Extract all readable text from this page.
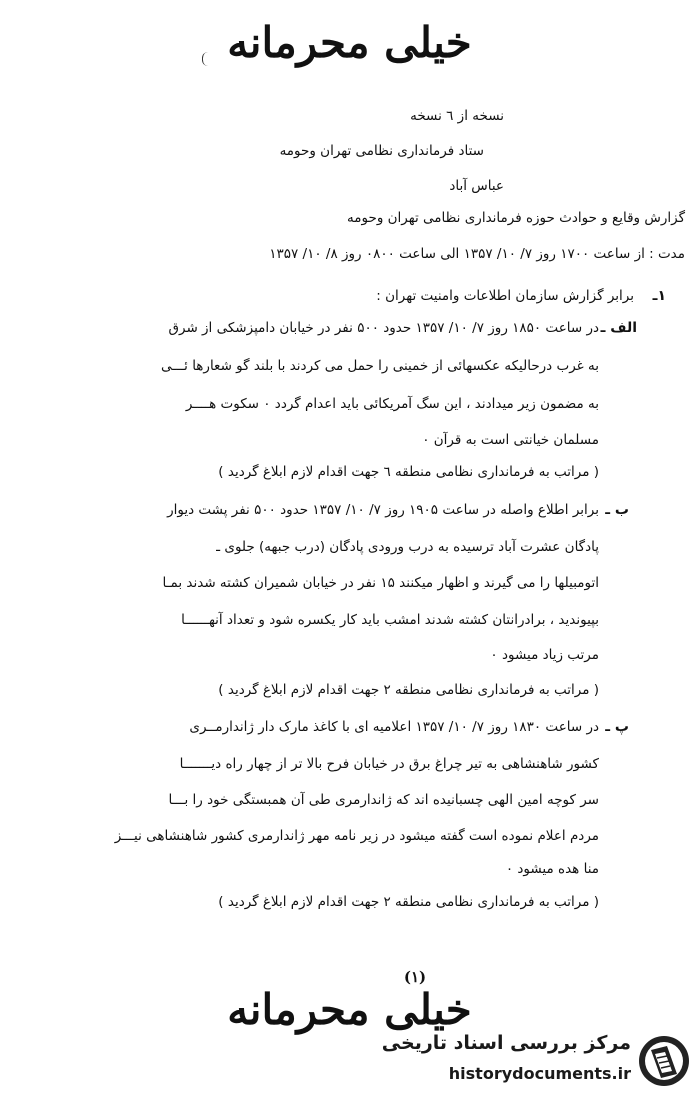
خیلی محرمانه
نسخه از ٦ نسخه
ستاد فرمانداری نظامی تهران وحومه
عباس آباد
گزارش وقایع و حوادث حوزه فرمانداری نظامی تهران وحومه
مدت : از ساعت ۱۷۰۰ روز ۷/ ۱۰/ ۱۳۵۷ الی ساعت ۰۸۰۰ روز ۸/ ۱۰/ ۱۳۵۷
۱ـ
برابر گزارش سازمان اطلاعات وامنیت تهران :
الف ـ
در ساعت ۱۸۵۰ روز ۷/ ۱۰/ ۱۳۵۷ حدود ۵۰۰ نفر در خیابان دامپزشکی از شرق
به غرب درحالیکه عکسهائی از خمینی را حمل می کردند با بلند گو شعارها ئـــی
به مضمون زیر میدادند ، این سگ آمریکائی باید اعدام گردد ۰ سکوت هــــر
مسلمان خیانتی است به قرآن ۰
( مراتب به فرمانداری نظامی منطقه ٦ جهت اقدام لازم ابلاغ گردید )
ب ـ
برابر اطلاع واصله در ساعت ۱۹۰۵ روز ۷/ ۱۰/ ۱۳۵۷ حدود ۵۰۰ نفر پشت دیوار
پادگان عشرت آباد ترسیده به درب ورودی پادگان (درب جبهه) جلوی ـ
اتومبیلها را می گیرند و اظهار میکنند ۱۵ نفر در خیابان شمیران کشته شدند بمـا
بپیوندید ، برادرانتان کشته شدند امشب باید کار یکسره شود و تعداد آنهــــــا
مرتب زیاد میشود ۰
( مراتب به فرمانداری نظامی منطقه ۲ جهت اقدام لازم ابلاغ گردید )
پ ـ
در ساعت ۱۸۳۰ روز ۷/ ۱۰/ ۱۳۵۷ اعلامیه ای با کاغذ مارک دار ژاندارمــری
کشور شاهنشاهی به تیر چراغ برق در خیابان فرح بالا تر از چهار راه دیـــــــا
سر کوچه امین الهی چسبانیده اند که ژاندارمری طی آن همبستگی خود را بـــا
مردم اعلام نموده است گفته میشود در زیر نامه مهر ژاندارمری کشور شاهنشاهی نیـــز
منا هده میشود ۰
( مراتب به فرمانداری نظامی منطقه ۲ جهت اقدام لازم ابلاغ گردید )
(۱)
خیلی محرمانه
مرکز بررسی اسناد تاریخی
historydocuments.ir
